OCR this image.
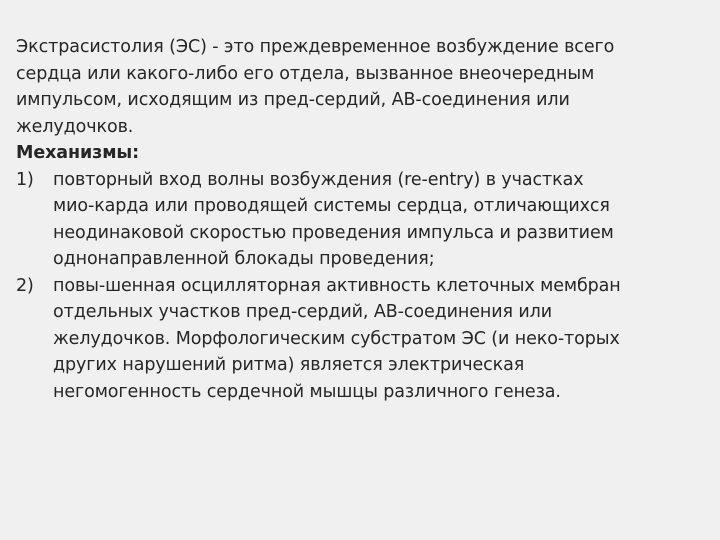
Экстрасистолия (ЭС) - это преждевременное возбуждение всего
сердца или какого-либо его отдела, вызванное внеочередным
импульсом, исходящим из пред-сердий, АВ-соединения или
желудочков.

Механизмы:

1) повторный вход волны возбуждения (re-entry) в участках
мио-карда или проводящей системы сердца, отличающихся
неодинаковой скоростью проведения импульса и развитием
однонаправленной блокады проведения;
2) повы-шенная осцилляторная активность клеточных мембран
отдельных участков пред-сердий, АВ-соединения или
желудочков. Морфологическим субстратом ЭС (и неко-торых
других нарушений ритма) является электрическая
негомогенность сердечной мышцы различного генеза.
